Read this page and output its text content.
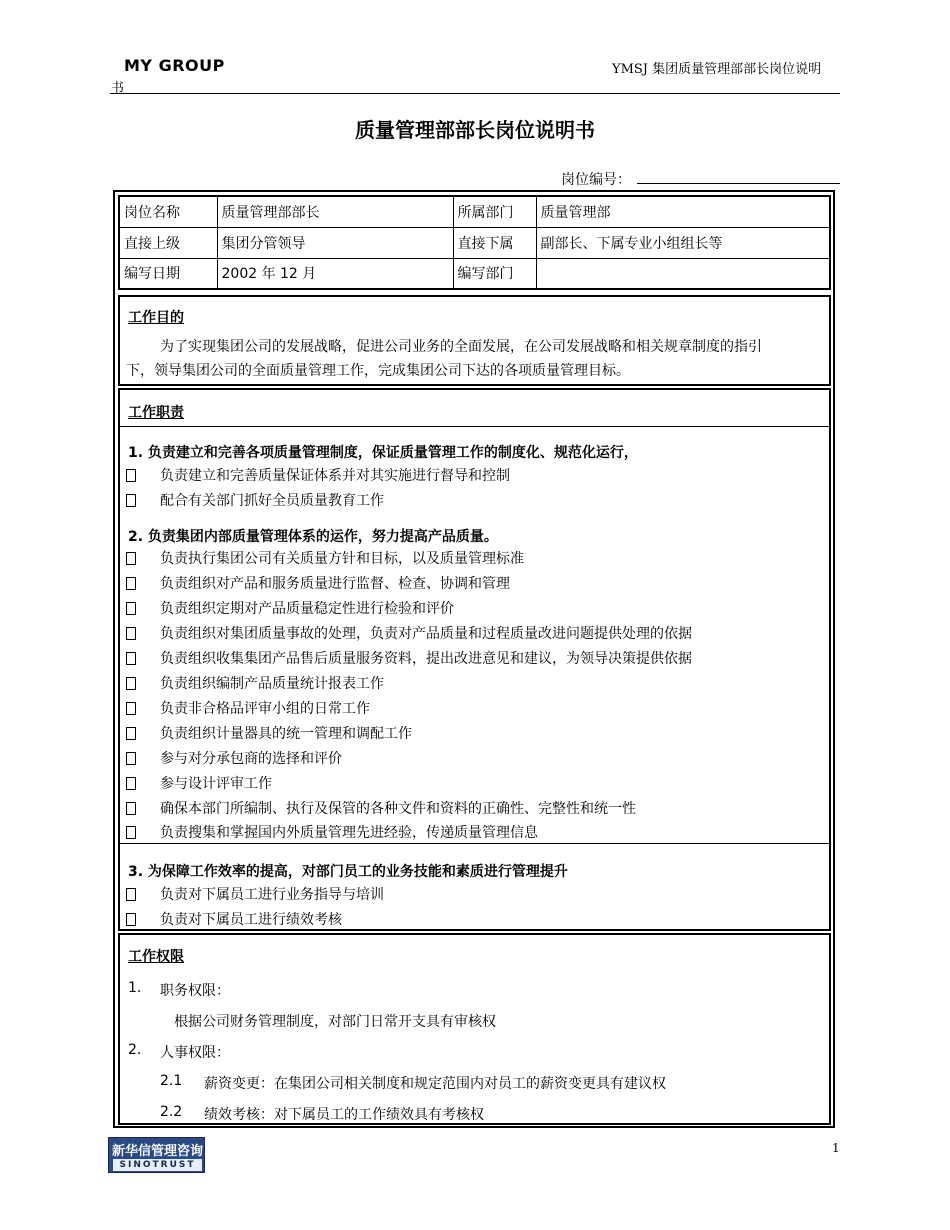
MY GROUP	YMSJ 集团质量管理部部长岗位说明
书
质量管理部部长岗位说明书
岗位编号：
岗位名称	质量管理部部长	所属部门	质量管理部
直接上级	集团分管领导	直接下属	副部长、下属专业小组组长等
编写日期	2002 年 12 月	编写部门	
工作目的
为了实现集团公司的发展战略，促进公司业务的全面发展，在公司发展战略和相关规章制度的指引
下，领导集团公司的全面质量管理工作，完成集团公司下达的各项质量管理目标。
工作职责
1. 负责建立和完善各项质量管理制度，保证质量管理工作的制度化、规范化运行，
负责建立和完善质量保证体系并对其实施进行督导和控制
配合有关部门抓好全员质量教育工作
2. 负责集团内部质量管理体系的运作，努力提高产品质量。
负责执行集团公司有关质量方针和目标，以及质量管理标准
负责组织对产品和服务质量进行监督、检查、协调和管理
负责组织定期对产品质量稳定性进行检验和评价
负责组织对集团质量事故的处理，负责对产品质量和过程质量改进问题提供处理的依据
负责组织收集集团产品售后质量服务资料，提出改进意见和建议，为领导决策提供依据
负责组织编制产品质量统计报表工作
负责非合格品评审小组的日常工作
负责组织计量器具的统一管理和调配工作
参与对分承包商的选择和评价
参与设计评审工作
确保本部门所编制、执行及保管的各种文件和资料的正确性、完整性和统一性
负责搜集和掌握国内外质量管理先进经验，传递质量管理信息
3. 为保障工作效率的提高，对部门员工的业务技能和素质进行管理提升
负责对下属员工进行业务指导与培训
负责对下属员工进行绩效考核
工作权限
1. 职务权限：
根据公司财务管理制度，对部门日常开支具有审核权
2. 人事权限：
2.1 薪资变更：在集团公司相关制度和规定范围内对员工的薪资变更具有建议权
2.2 绩效考核：对下属员工的工作绩效具有考核权
新华信管理咨询
SINOTRUST
1
